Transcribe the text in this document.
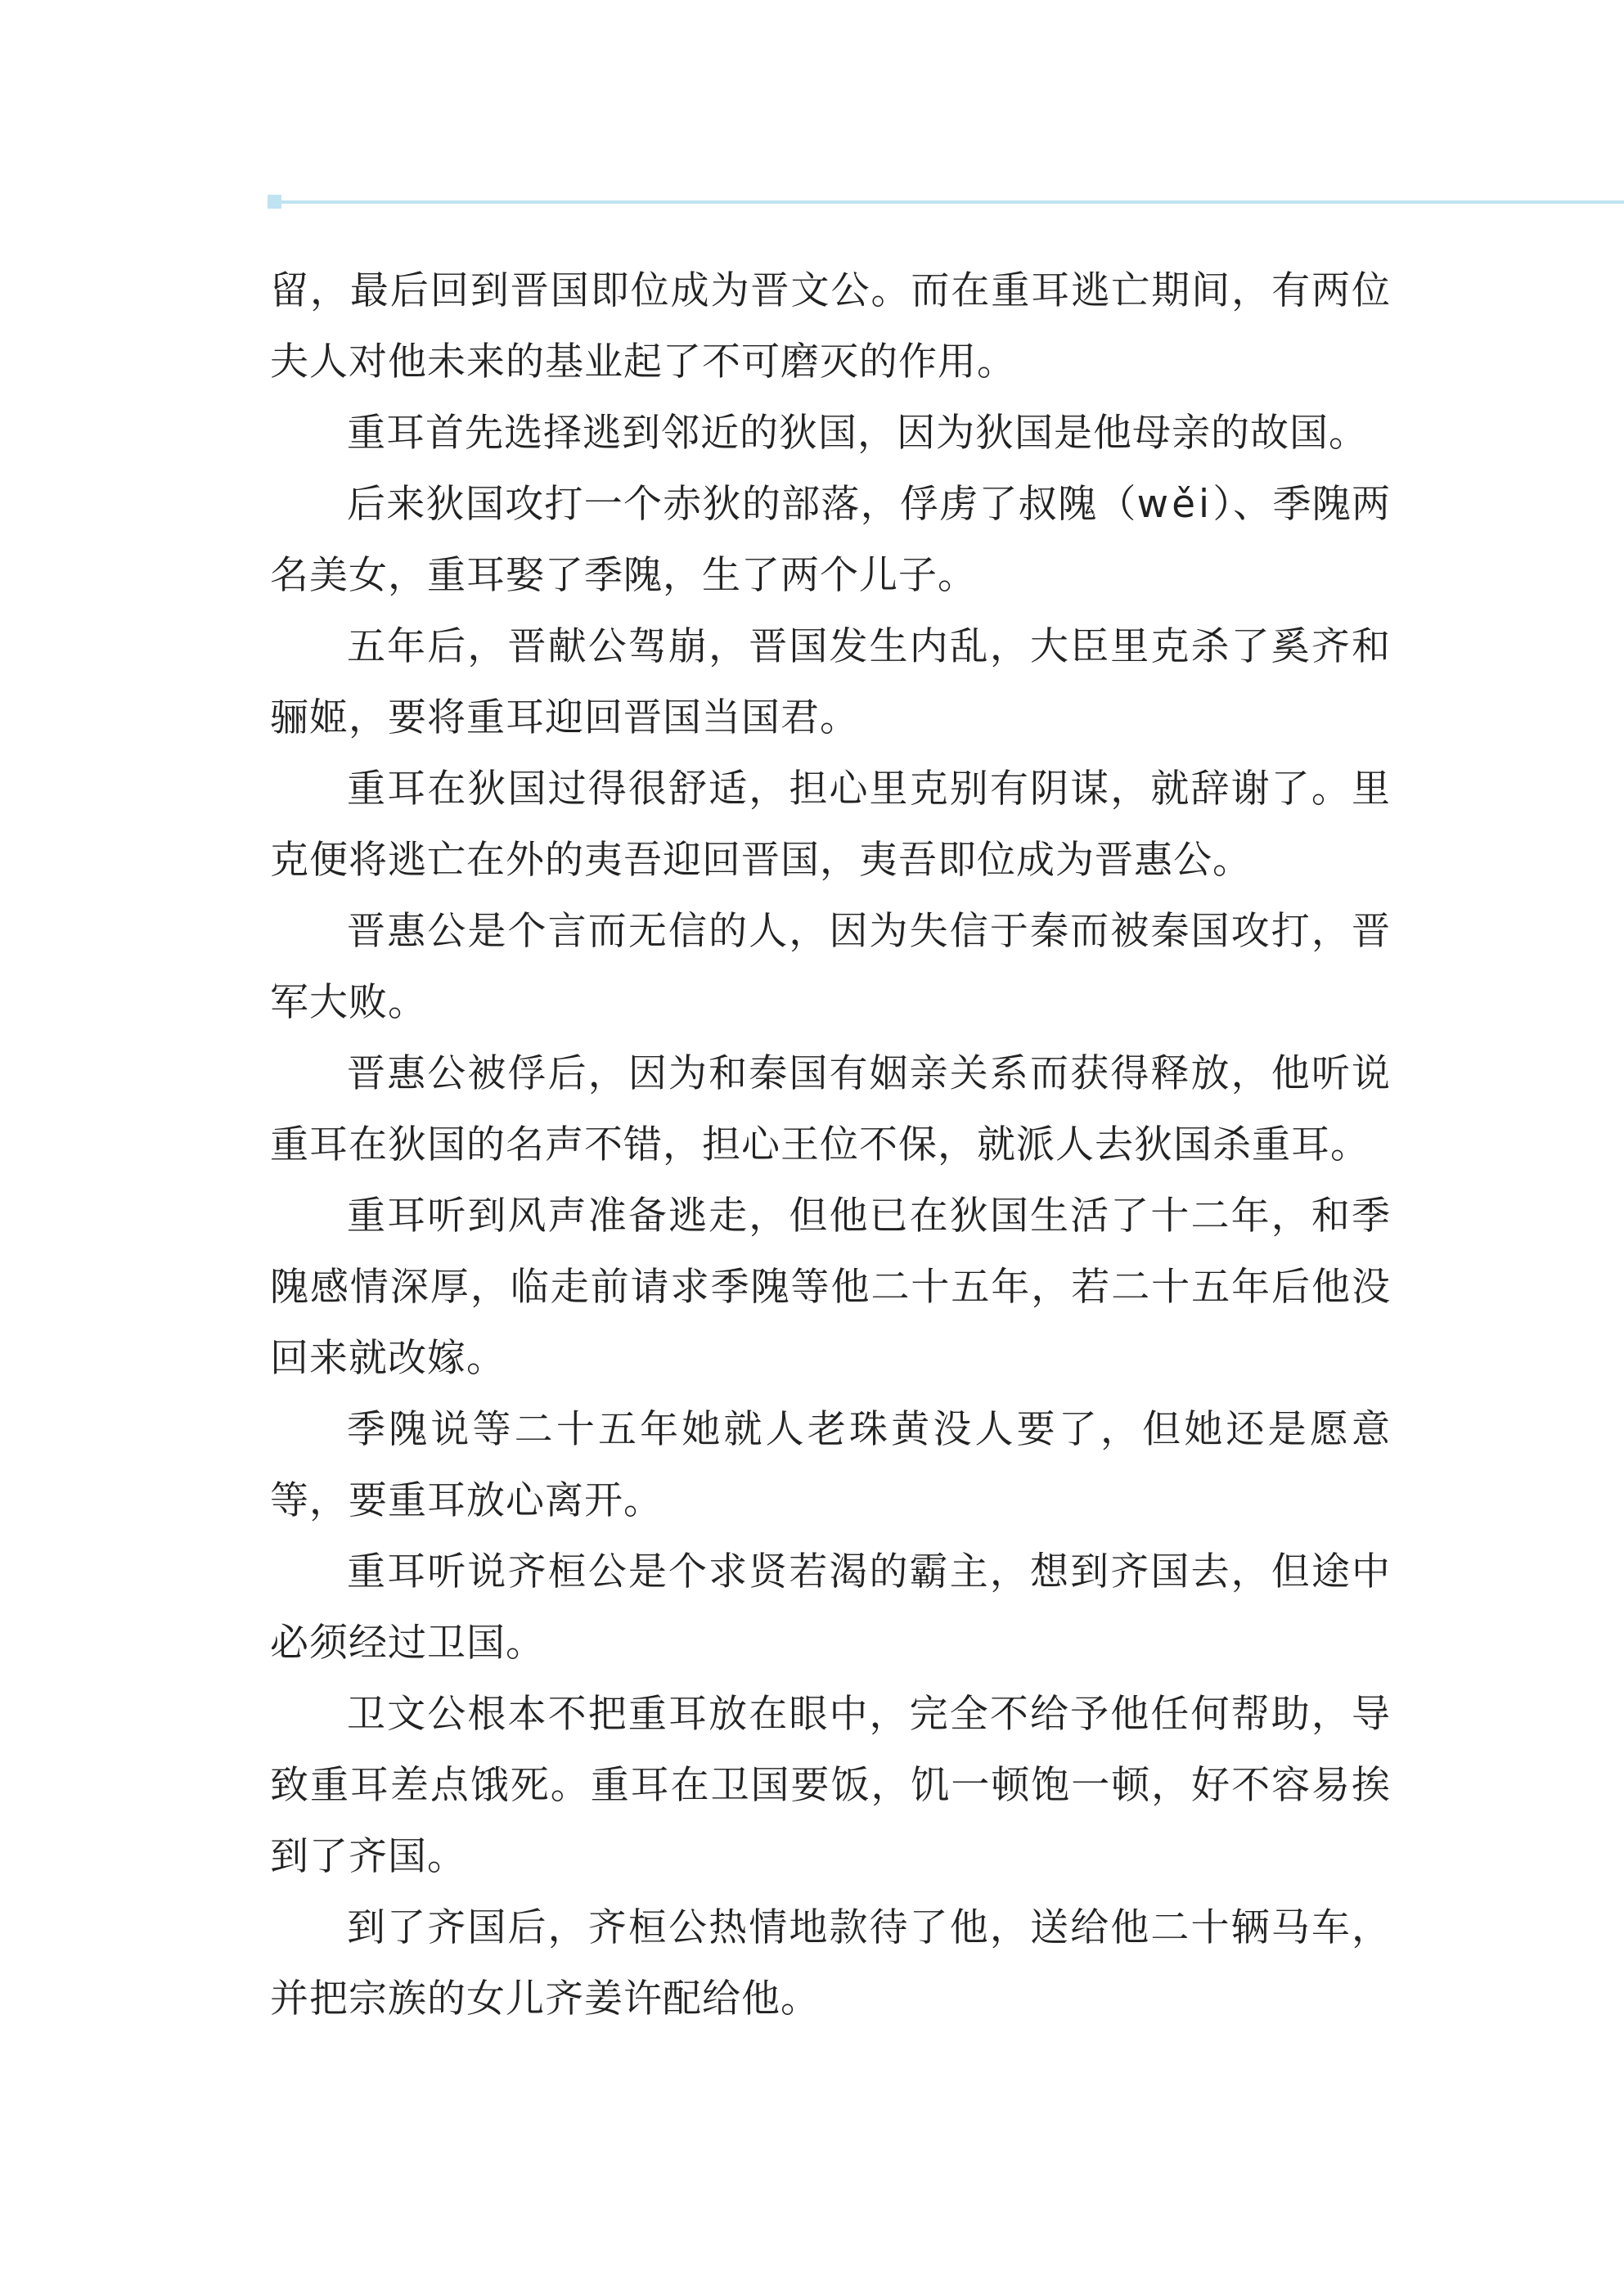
留，最后回到晋国即位成为晋文公。而在重耳逃亡期间，有两位夫人对他未来的基业起了不可磨灭的作用。

重耳首先选择逃到邻近的狄国，因为狄国是他母亲的故国。

后来狄国攻打一个赤狄的部落，俘虏了叔隗（wěi）、季隗两名美女，重耳娶了季隗，生了两个儿子。

五年后，晋献公驾崩，晋国发生内乱，大臣里克杀了奚齐和骊姬，要将重耳迎回晋国当国君。

重耳在狄国过得很舒适，担心里克别有阴谋，就辞谢了。里克便将逃亡在外的夷吾迎回晋国，夷吾即位成为晋惠公。

晋惠公是个言而无信的人，因为失信于秦而被秦国攻打，晋军大败。

晋惠公被俘后，因为和秦国有姻亲关系而获得释放，他听说重耳在狄国的名声不错，担心王位不保，就派人去狄国杀重耳。

重耳听到风声准备逃走，但他已在狄国生活了十二年，和季隗感情深厚，临走前请求季隗等他二十五年，若二十五年后他没回来就改嫁。

季隗说等二十五年她就人老珠黄没人要了，但她还是愿意等，要重耳放心离开。

重耳听说齐桓公是个求贤若渴的霸主，想到齐国去，但途中必须经过卫国。

卫文公根本不把重耳放在眼中，完全不给予他任何帮助，导致重耳差点饿死。重耳在卫国要饭，饥一顿饱一顿，好不容易挨到了齐国。

到了齐国后，齐桓公热情地款待了他，送给他二十辆马车，并把宗族的女儿齐姜许配给他。
